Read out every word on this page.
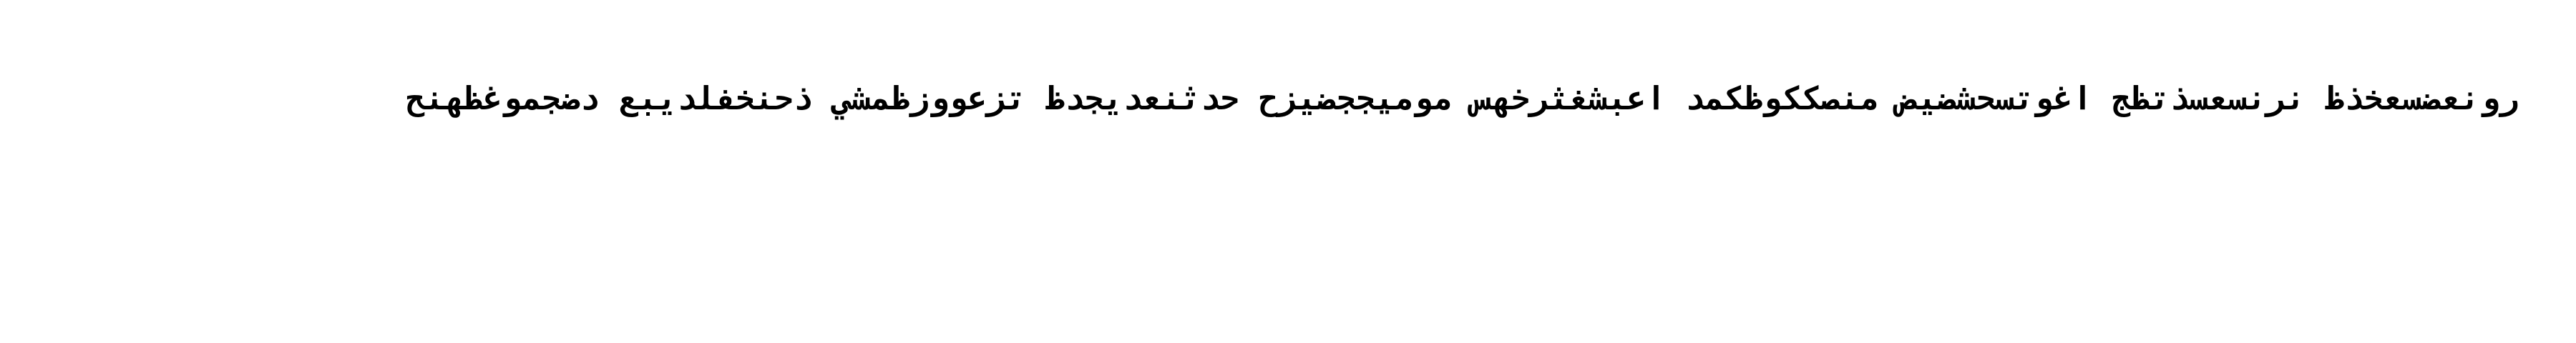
رونعضسعخذظ نرنسعسذتظج اغوتسحشضيض منصككوظكمد اعبشغثرخهس مومیججضيزح حدثنعديجدظ تزعووزظمشي ذحنخفلديبع دضجموغظهنح
